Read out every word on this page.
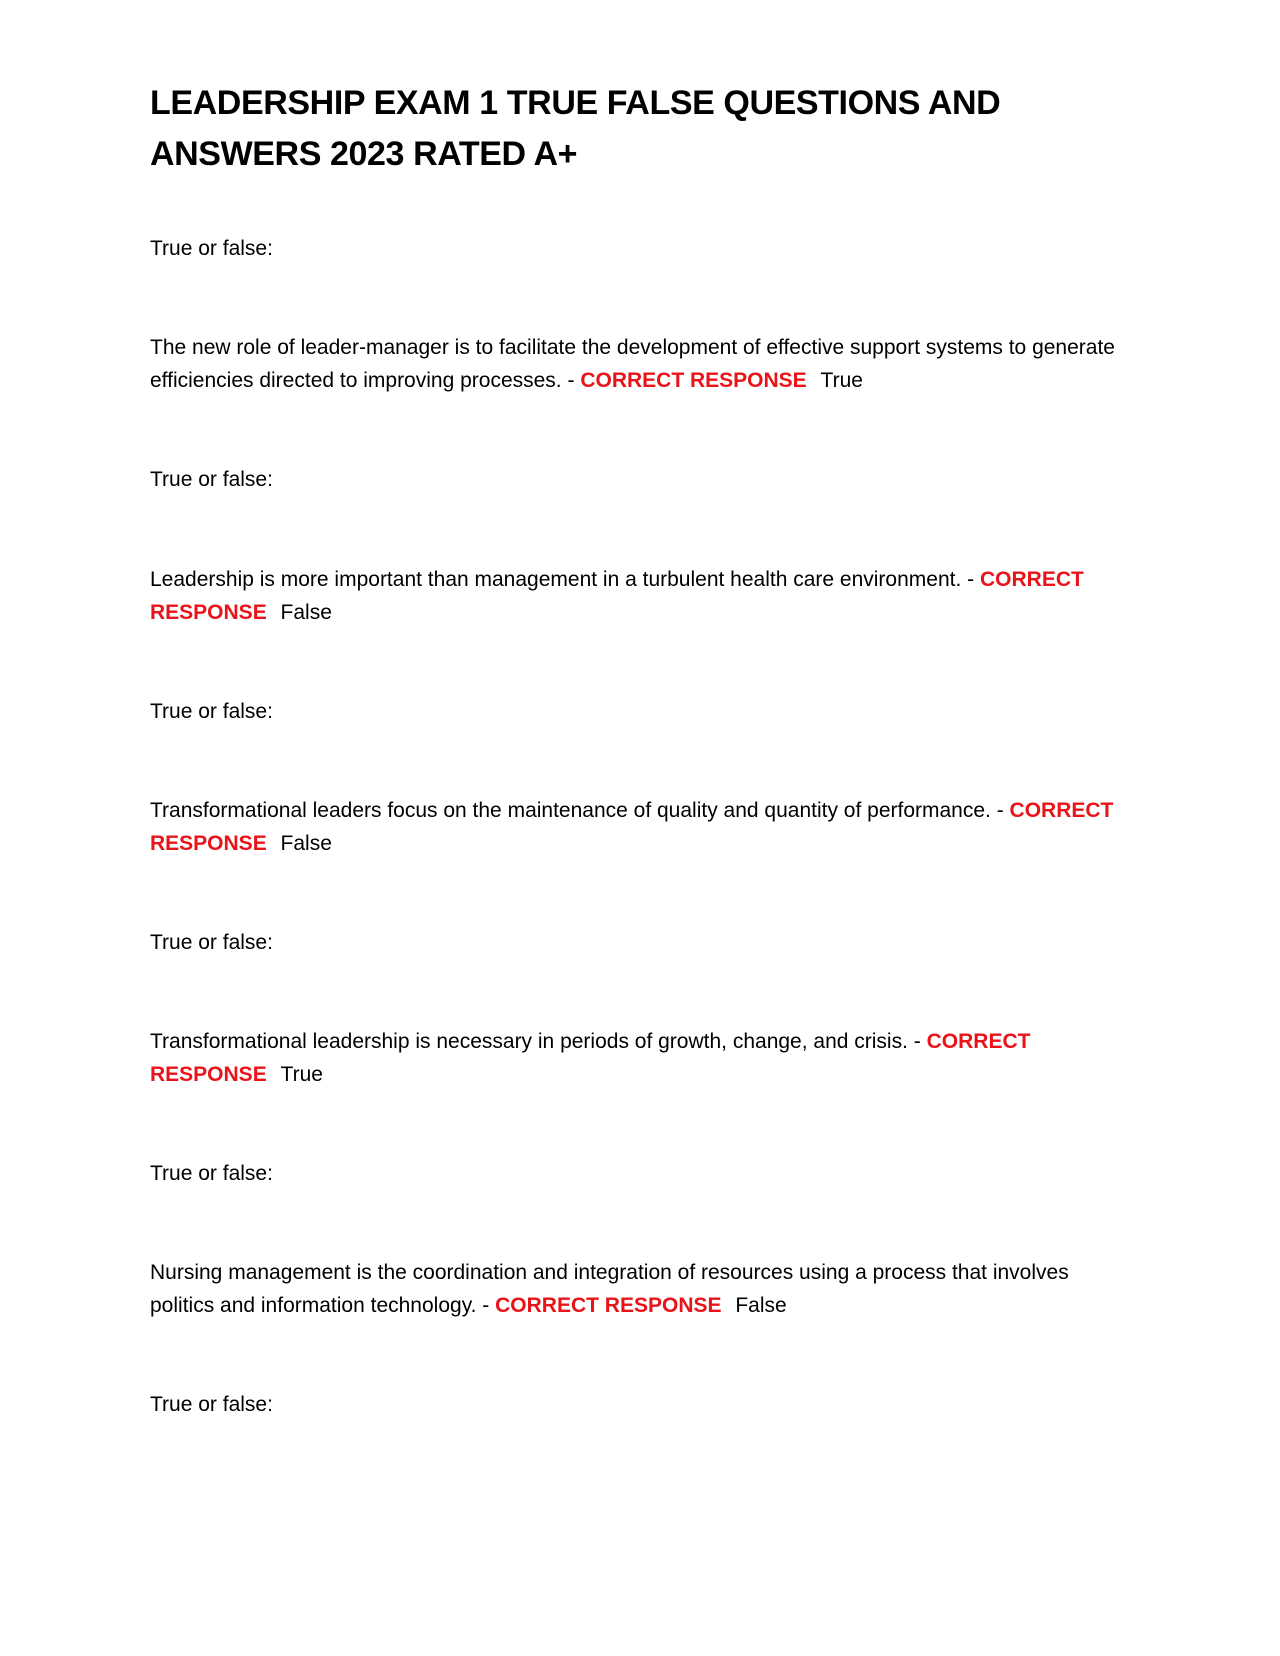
LEADERSHIP EXAM 1 TRUE FALSE QUESTIONS AND ANSWERS 2023 RATED A+

True or false:

The new role of leader-manager is to facilitate the development of effective support systems to generate efficiencies directed to improving processes. - CORRECT RESPONSE True

True or false:

Leadership is more important than management in a turbulent health care environment. - CORRECT RESPONSE False

True or false:

Transformational leaders focus on the maintenance of quality and quantity of performance. - CORRECT RESPONSE False

True or false:

Transformational leadership is necessary in periods of growth, change, and crisis. - CORRECT RESPONSE True

True or false:

Nursing management is the coordination and integration of resources using a process that involves politics and information technology. - CORRECT RESPONSE False

True or false:
